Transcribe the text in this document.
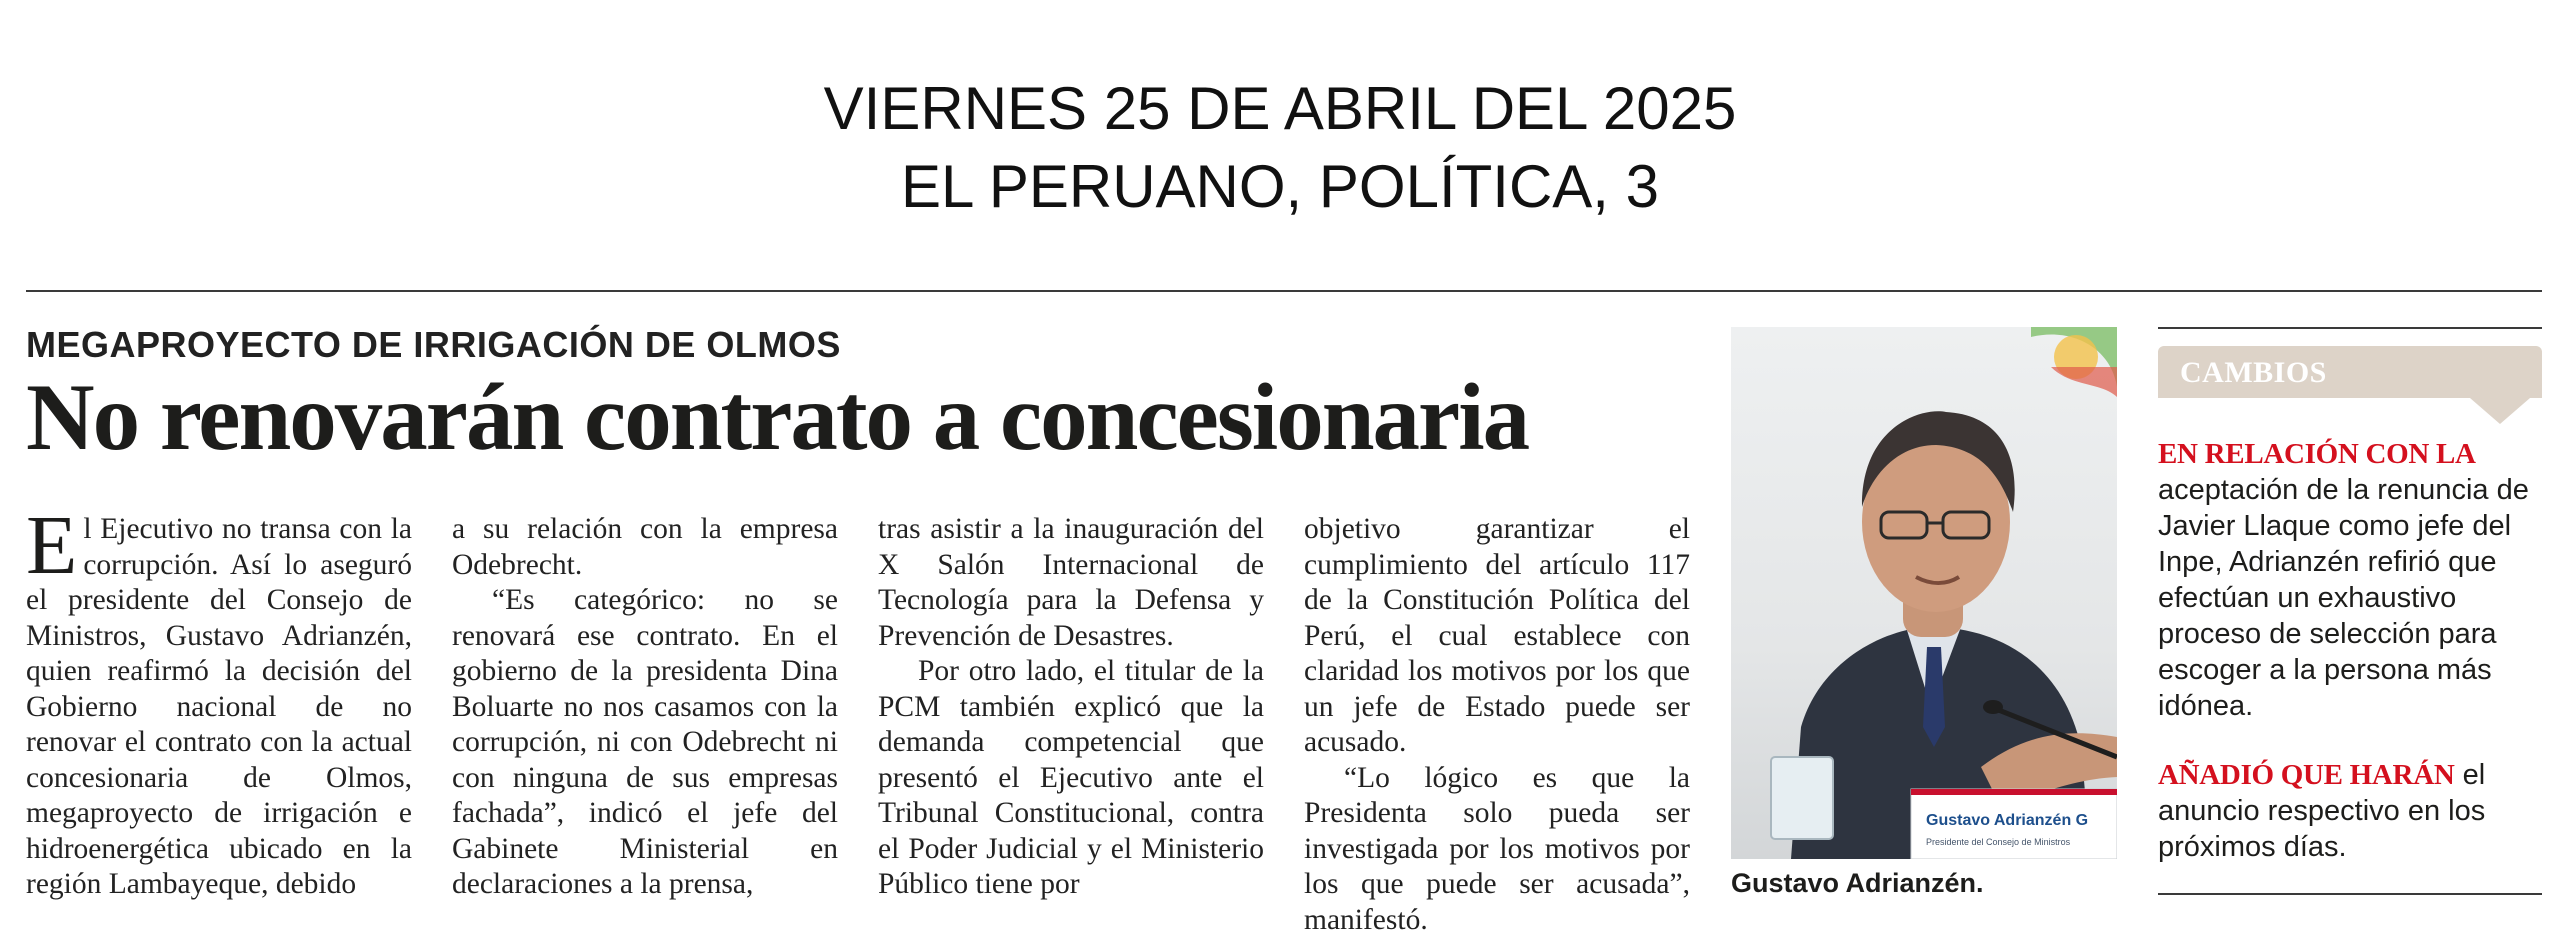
VIERNES 25 DE ABRIL DEL 2025
EL PERUANO, POLÍTICA, 3
MEGAPROYECTO DE IRRIGACIÓN DE OLMOS
No renovarán contrato a concesionaria

El Ejecutivo no transa con la corrupción. Así lo aseguró el presidente del Consejo de Ministros, Gustavo Adrianzén, quien reafirmó la decisión del Gobierno nacional de no renovar el contrato con la actual concesionaria de Olmos, megaproyecto de irrigación e hidroenergética ubicado en la región Lambayeque, debido

a su relación con la empresa Odebrecht.

“Es categórico: no se renovará ese contrato. En el gobierno de la presidenta Dina Boluarte no nos casamos con la corrupción, ni con Odebrecht ni con ninguna de sus empresas fachada”, indicó el jefe del Gabinete Ministerial en declaraciones a la prensa,

tras asistir a la inauguración del X Salón Internacional de Tecnología para la Defensa y Prevención de Desastres.

Por otro lado, el titular de la PCM también explicó que la demanda competencial que presentó el Ejecutivo ante el Tribunal Constitucional, contra el Poder Judicial y el Ministerio Público tiene por

objetivo garantizar el cumplimiento del artículo 117 de la Constitución Política del Perú, el cual establece con claridad los motivos por los que un jefe de Estado puede ser acusado.

“Lo lógico es que la Presidenta solo pueda ser investigada por los motivos por los que puede ser acusada”, manifestó.

Gustavo Adrianzén G
Presidente del Consejo de Ministros
Gustavo Adrianzén.
CAMBIOS
EN RELACIÓN CON LA
aceptación de la renuncia de Javier Llaque como jefe del Inpe, Adrianzén refirió que efectúan un exhaustivo proceso de selección para escoger a la persona más idónea.
AÑADIÓ QUE HARÁN el anuncio respectivo en los próximos días.
